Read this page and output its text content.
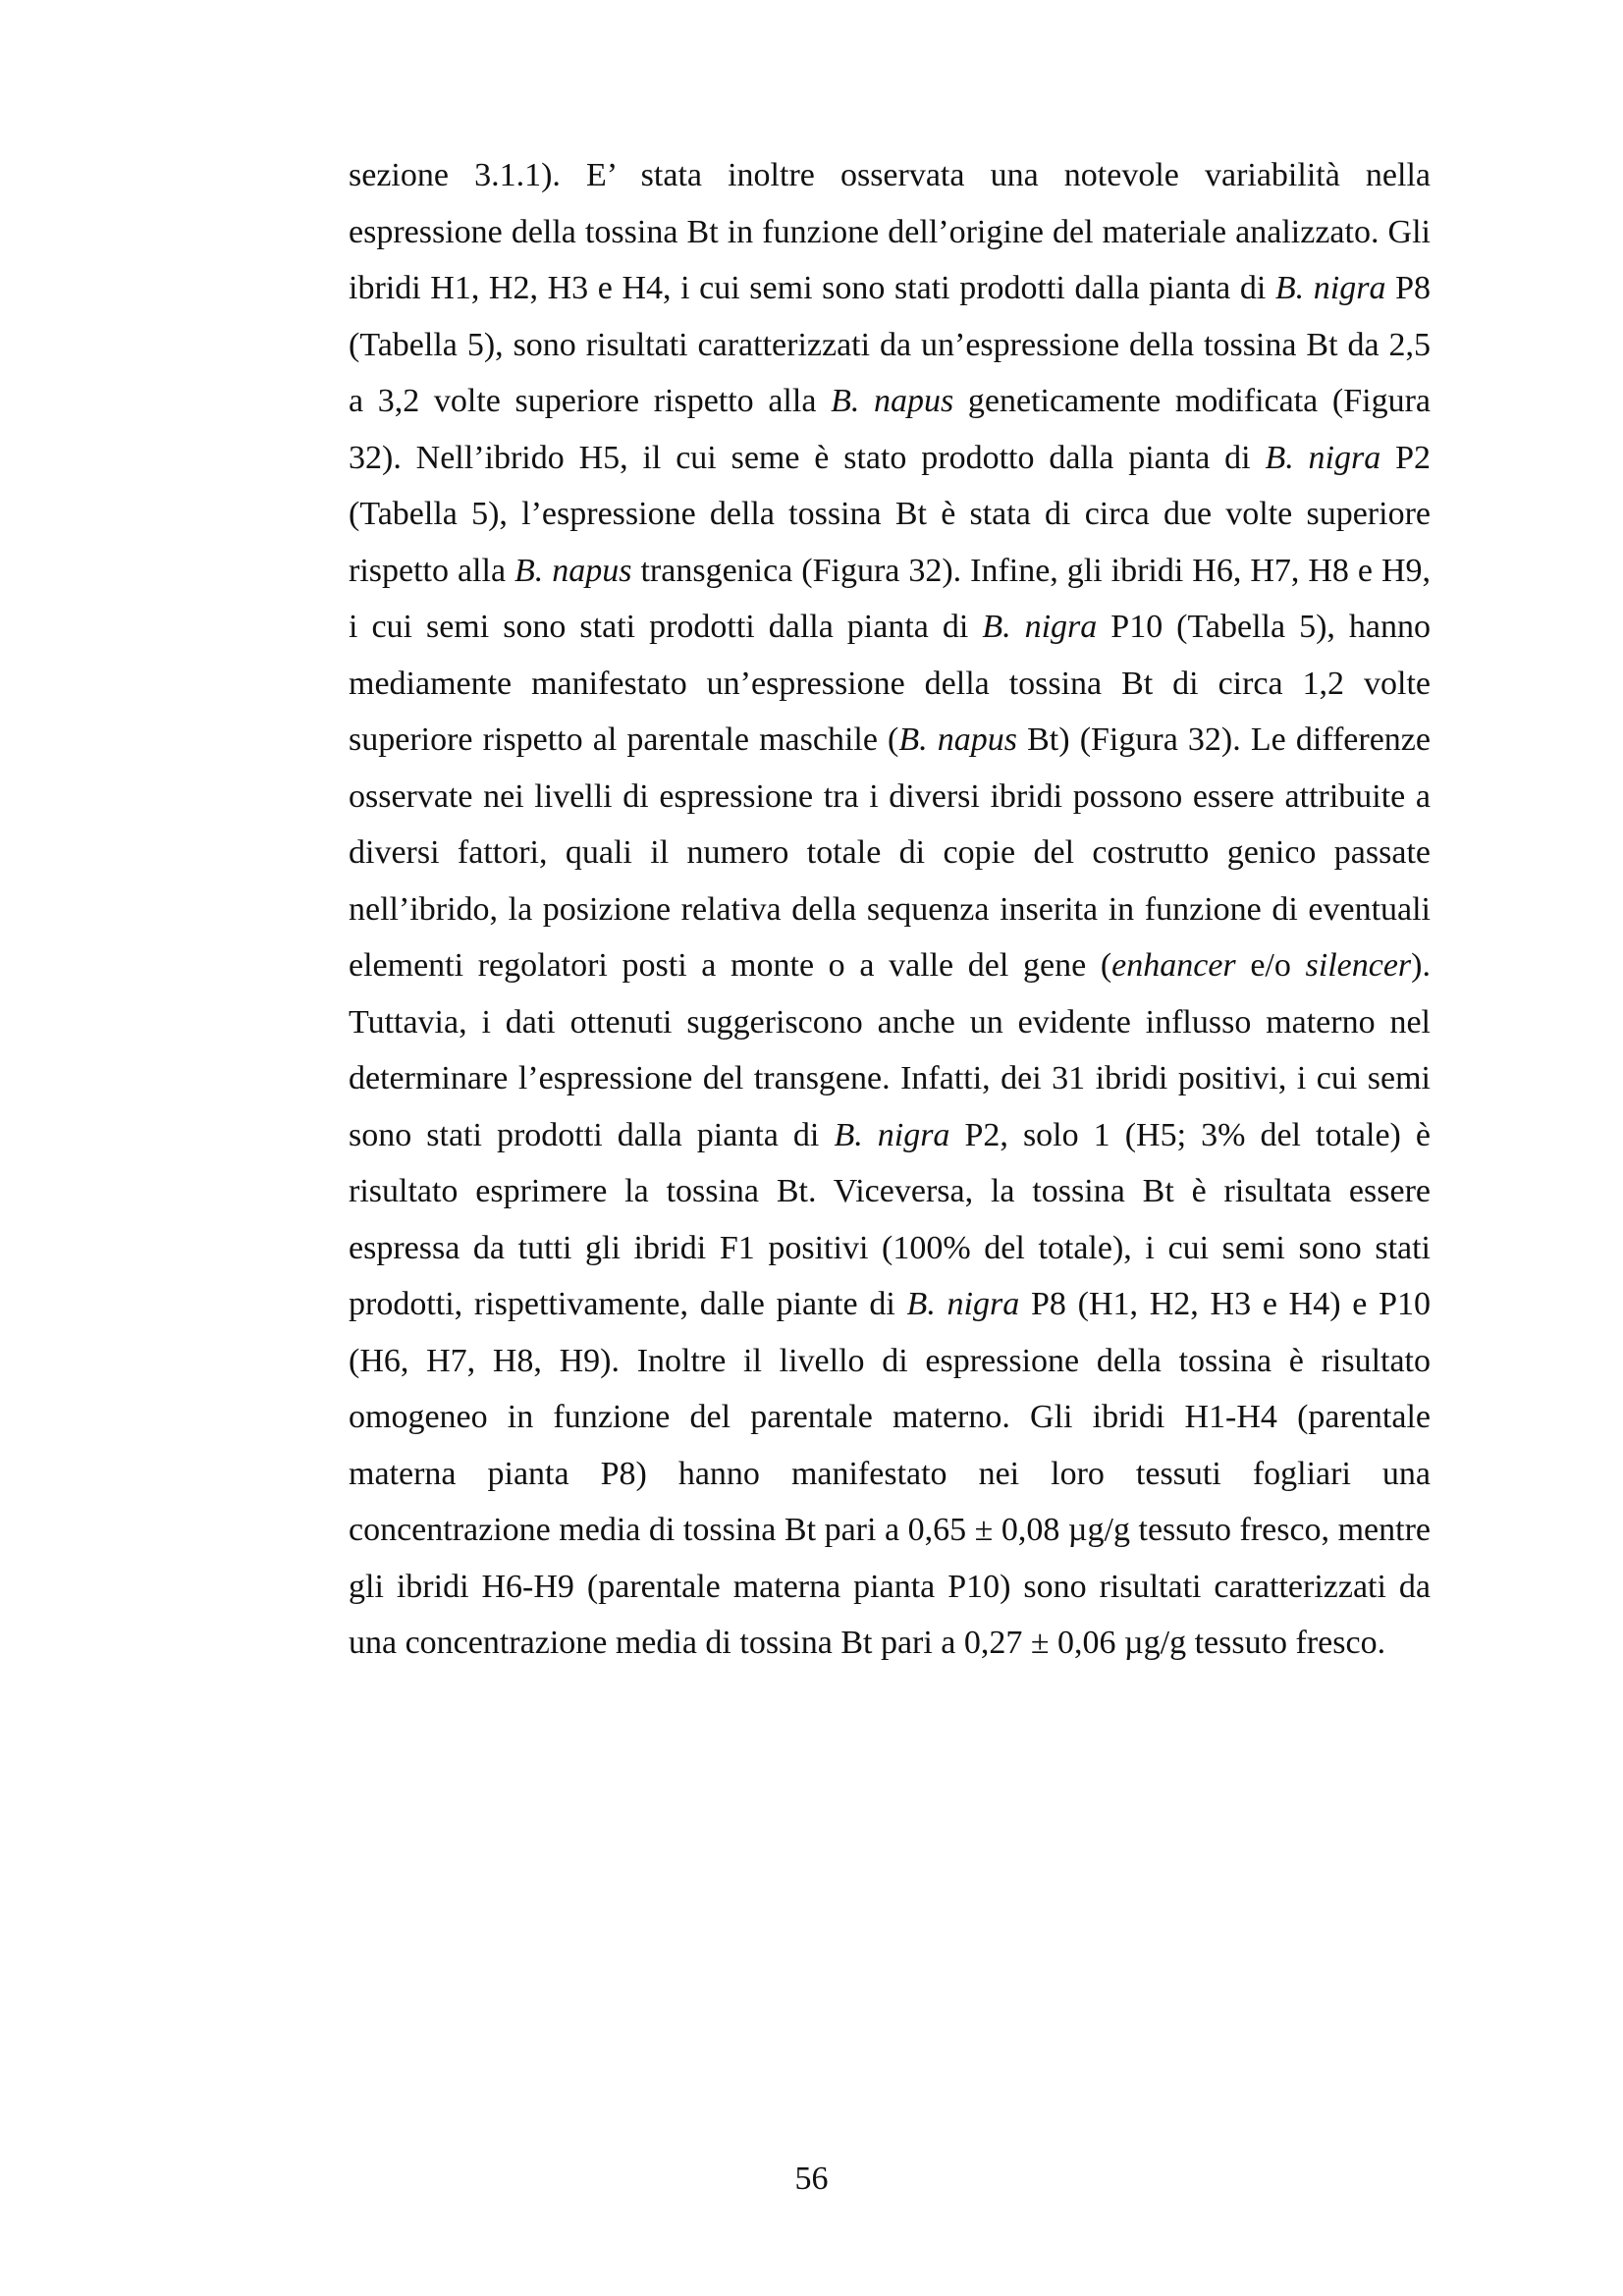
sezione 3.1.1). E’ stata inoltre osservata una notevole variabilità nella espressione della tossina Bt in funzione dell’origine del materiale analizzato. Gli ibridi H1, H2, H3 e H4, i cui semi sono stati prodotti dalla pianta di B. nigra P8 (Tabella 5), sono risultati caratterizzati da un’espressione della tossina Bt da 2,5 a 3,2 volte superiore rispetto alla B. napus geneticamente modificata (Figura 32). Nell’ibrido H5, il cui seme è stato prodotto dalla pianta di B. nigra P2 (Tabella 5), l’espressione della tossina Bt è stata di circa due volte superiore rispetto alla B. napus transgenica (Figura 32). Infine, gli ibridi H6, H7, H8 e H9, i cui semi sono stati prodotti dalla pianta di B. nigra P10 (Tabella 5), hanno mediamente manifestato un’espressione della tossina Bt di circa 1,2 volte superiore rispetto al parentale maschile (B. napus Bt) (Figura 32). Le differenze osservate nei livelli di espressione tra i diversi ibridi possono essere attribuite a diversi fattori, quali il numero totale di copie del costrutto genico passate nell’ibrido, la posizione relativa della sequenza inserita in funzione di eventuali elementi regolatori posti a monte o a valle del gene (enhancer e/o silencer). Tuttavia, i dati ottenuti suggeriscono anche un evidente influsso materno nel determinare l’espressione del transgene. Infatti, dei 31 ibridi positivi, i cui semi sono stati prodotti dalla pianta di B. nigra P2, solo 1 (H5; 3% del totale) è risultato esprimere la tossina Bt. Viceversa, la tossina Bt è risultata essere espressa da tutti gli ibridi F1 positivi (100% del totale), i cui semi sono stati prodotti, rispettivamente, dalle piante di B. nigra P8 (H1, H2, H3 e H4) e P10 (H6, H7, H8, H9). Inoltre il livello di espressione della tossina è risultato omogeneo in funzione del parentale materno. Gli ibridi H1-H4 (parentale materna pianta P8) hanno manifestato nei loro tessuti fogliari una concentrazione media di tossina Bt pari a 0,65 ± 0,08 µg/g tessuto fresco, mentre gli ibridi H6-H9 (parentale materna pianta P10) sono risultati caratterizzati da una concentrazione media di tossina Bt pari a 0,27 ± 0,06 µg/g tessuto fresco.

56
